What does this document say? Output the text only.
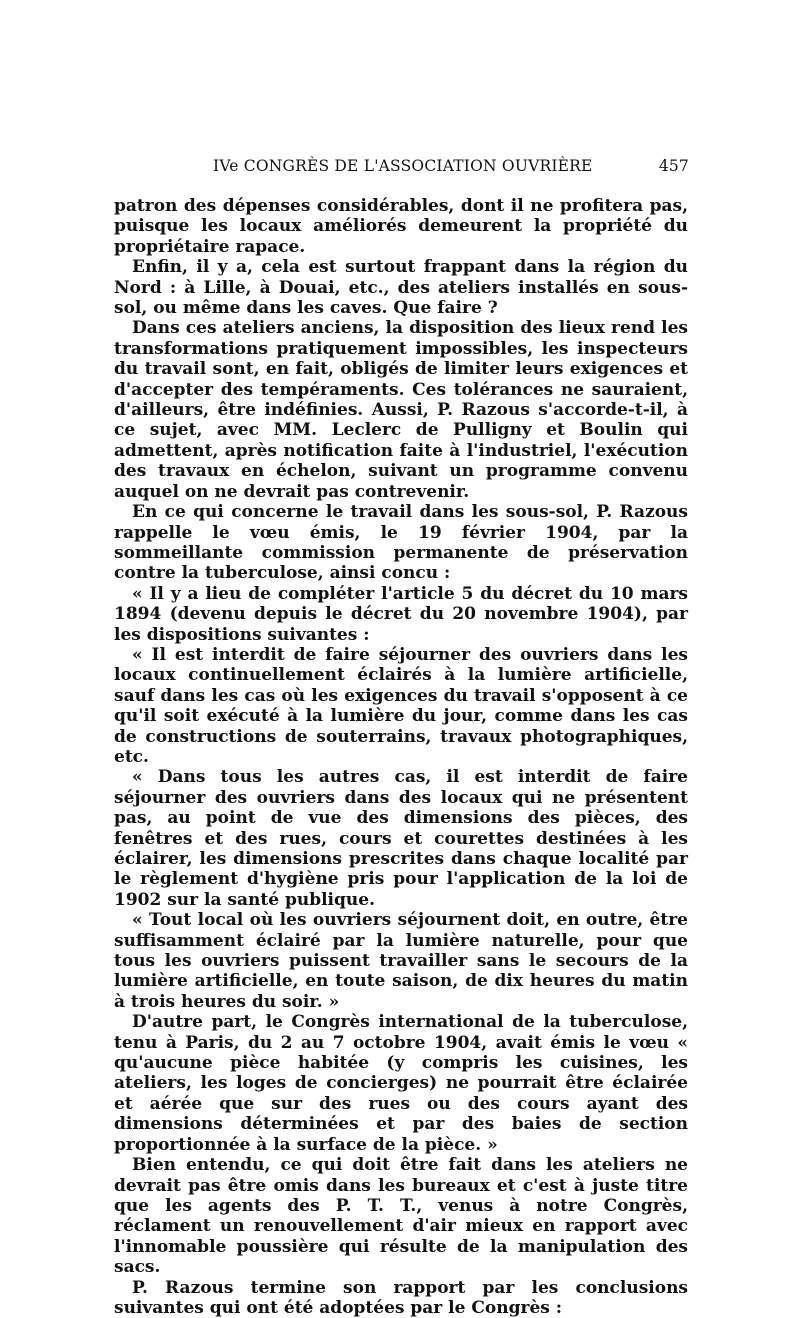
IVe CONGRÈS DE L'ASSOCIATION OUVRIÈRE	457

patron des dépenses considérables, dont il ne profitera pas, puisque les locaux améliorés demeurent la propriété du propriétaire rapace.

Enfin, il y a, cela est surtout frappant dans la région du Nord : à Lille, à Douai, etc., des ateliers installés en sous-sol, ou même dans les caves. Que faire ?

Dans ces ateliers anciens, la disposition des lieux rend les transformations pratiquement impossibles, les inspecteurs du travail sont, en fait, obligés de limiter leurs exigences et d'accepter des tempéraments. Ces tolérances ne sauraient, d'ailleurs, être indéfinies. Aussi, P. Razous s'accorde-t-il, à ce sujet, avec MM. Leclerc de Pulligny et Boulin qui admettent, après notification faite à l'industriel, l'exécution des travaux en échelon, suivant un programme convenu auquel on ne devrait pas contrevenir.

En ce qui concerne le travail dans les sous-sol, P. Razous rappelle le vœu émis, le 19 février 1904, par la sommeillante commission permanente de préservation contre la tuberculose, ainsi concu :

« Il y a lieu de compléter l'article 5 du décret du 10 mars 1894 (devenu depuis le décret du 20 novembre 1904), par les dispositions suivantes :

« Il est interdit de faire séjourner des ouvriers dans les locaux continuellement éclairés à la lumière artificielle, sauf dans les cas où les exigences du travail s'opposent à ce qu'il soit exécuté à la lumière du jour, comme dans les cas de constructions de souterrains, travaux photographiques, etc.

« Dans tous les autres cas, il est interdit de faire séjourner des ouvriers dans des locaux qui ne présentent pas, au point de vue des dimensions des pièces, des fenêtres et des rues, cours et courettes destinées à les éclairer, les dimensions prescrites dans chaque localité par le règlement d'hygiène pris pour l'application de la loi de 1902 sur la santé publique.

« Tout local où les ouvriers séjournent doit, en outre, être suffisamment éclairé par la lumière naturelle, pour que tous les ouvriers puissent travailler sans le secours de la lumière artificielle, en toute saison, de dix heures du matin à trois heures du soir. »

D'autre part, le Congrès international de la tuberculose, tenu à Paris, du 2 au 7 octobre 1904, avait émis le vœu « qu'aucune pièce habitée (y compris les cuisines, les ateliers, les loges de concierges) ne pourrait être éclairée et aérée que sur des rues ou des cours ayant des dimensions déterminées et par des baies de section proportionnée à la surface de la pièce. »

Bien entendu, ce qui doit être fait dans les ateliers ne devrait pas être omis dans les bureaux et c'est à juste titre que les agents des P. T. T., venus à notre Congrès, réclament un renouvellement d'air mieux en rapport avec l'innomable poussière qui résulte de la manipulation des sacs.

P. Razous termine son rapport par les conclusions suivantes qui ont été adoptées par le Congrès :
